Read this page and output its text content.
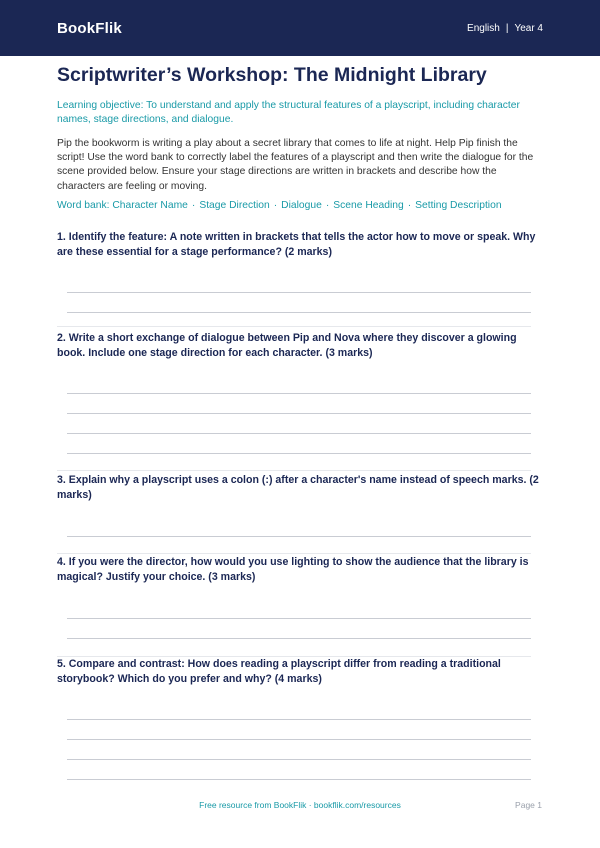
BookFlik	English | Year 4
Scriptwriter’s Workshop: The Midnight Library

Learning objective: To understand and apply the structural features of a playscript, including character names, stage directions, and dialogue.

Pip the bookworm is writing a play about a secret library that comes to life at night. Help Pip finish the script! Use the word bank to correctly label the features of a playscript and then write the dialogue for the scene provided below. Ensure your stage directions are written in brackets and describe how the characters are feeling or moving.

Word bank: Character Name · Stage Direction · Dialogue · Scene Heading · Setting Description

1. Identify the feature: A note written in brackets that tells the actor how to move or speak. Why are these essential for a stage performance? (2 marks)

2. Write a short exchange of dialogue between Pip and Nova where they discover a glowing book. Include one stage direction for each character. (3 marks)

3. Explain why a playscript uses a colon (:) after a character's name instead of speech marks. (2 marks)

4. If you were the director, how would you use lighting to show the audience that the library is magical? Justify your choice. (3 marks)

5. Compare and contrast: How does reading a playscript differ from reading a traditional storybook? Which do you prefer and why? (4 marks)

Free resource from BookFlik · bookflik.com/resources	Page 1
